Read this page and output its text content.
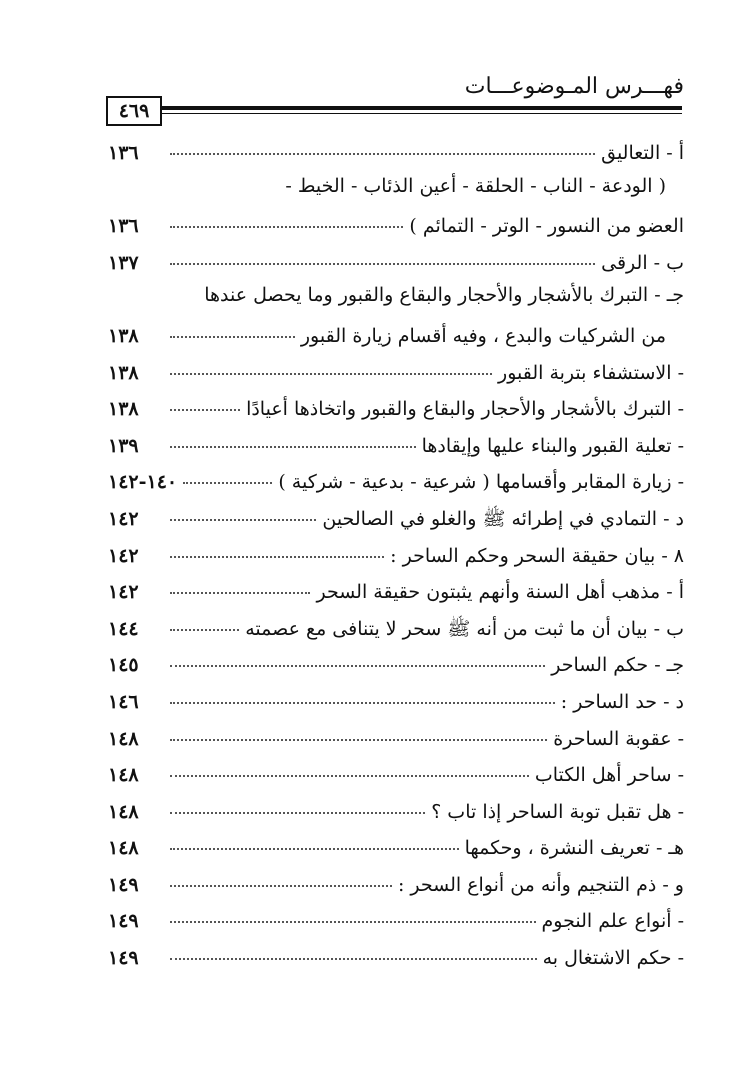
فهـــرس المـوضوعـــات
٤٦٩
أ - التعاليق
١٣٦
( الودعة - الناب - الحلقة - أعين الذئاب - الخيط -
العضو من النسور - الوتر - التمائم )
١٣٦
ب - الرقى
١٣٧
جـ - التبرك بالأشجار والأحجار والبقاع والقبور وما يحصل عندها
من الشركيات والبدع ، وفيه أقسام زيارة القبور
١٣٨
- الاستشفاء بتربة القبور
١٣٨
- التبرك بالأشجار والأحجار والبقاع والقبور واتخاذها أعيادًا
١٣٨
- تعلية القبور والبناء عليها وإيقادها
١٣٩
- زيارة المقابر وأقسامها ( شرعية - بدعية - شركية )
١٤٠-١٤٢
د - التمادي في إطرائه ﷺ والغلو في الصالحين
١٤٢
٨ - بيان حقيقة السحر وحكم الساحر :
١٤٢
أ - مذهب أهل السنة وأنهم يثبتون حقيقة السحر
١٤٢
ب - بيان أن ما ثبت من أنه ﷺ سحر لا يتنافى مع عصمته
١٤٤
جـ - حكم الساحر
١٤٥
د - حد الساحر :
١٤٦
- عقوبة الساحرة
١٤٨
- ساحر أهل الكتاب
١٤٨
- هل تقبل توبة الساحر إذا تاب ؟
١٤٨
هـ - تعريف النشرة ، وحكمها
١٤٨
و - ذم التنجيم وأنه من أنواع السحر :
١٤٩
- أنواع علم النجوم
١٤٩
- حكم الاشتغال به
١٤٩
